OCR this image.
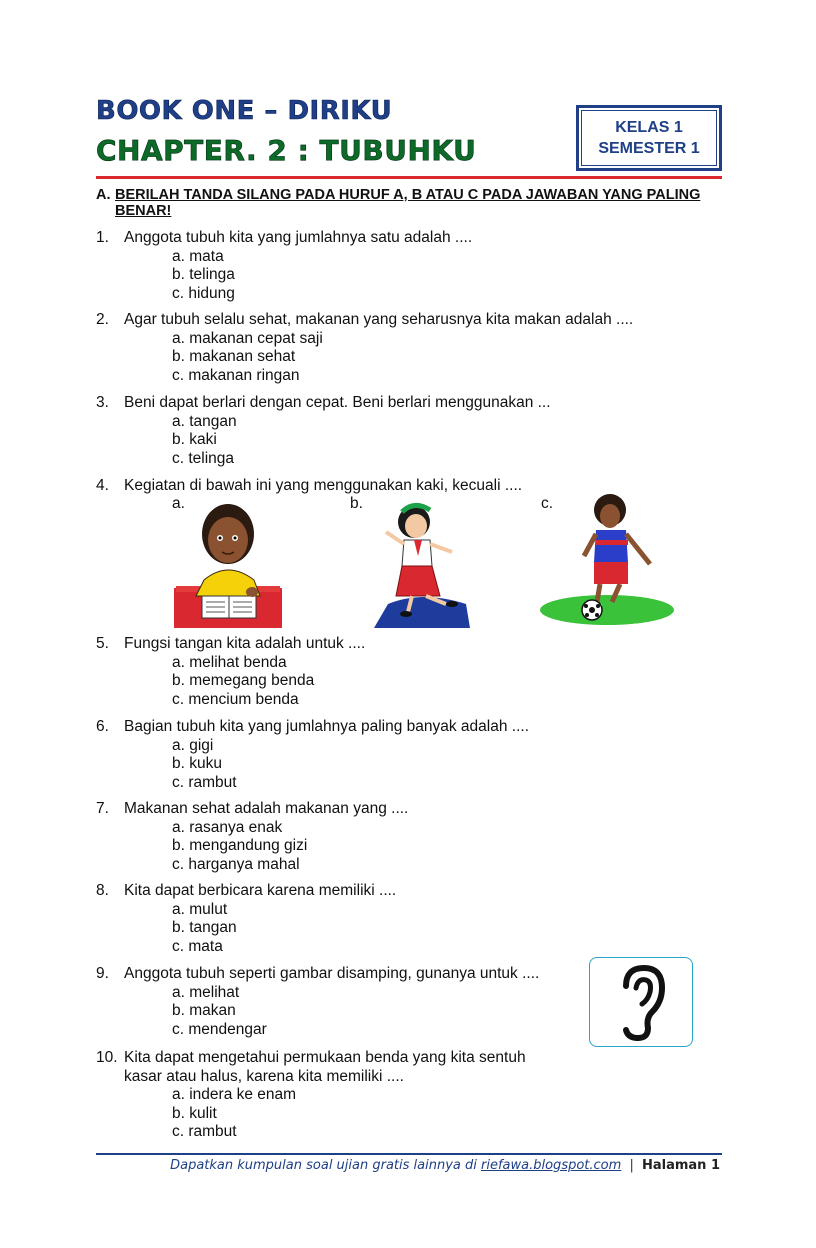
BOOK ONE – DIRIKU
CHAPTER. 2 : TUBUHKU
KELAS 1
SEMESTER 1
A. BERILAH TANDA SILANG PADA HURUF A, B ATAU C PADA JAWABAN YANG PALING BENAR!
1. Anggota tubuh kita yang jumlahnya satu adalah ....
a. mata
b. telinga
c. hidung
2. Agar tubuh selalu sehat, makanan yang seharusnya kita makan adalah ....
a. makanan cepat saji
b. makanan sehat
c. makanan ringan
3. Beni dapat berlari dengan cepat. Beni berlari menggunakan ...
a. tangan
b. kaki
c. telinga
4. Kegiatan di bawah ini yang menggunakan kaki, kecuali ....
a.	b.	c.
5. Fungsi tangan kita adalah untuk ....
a. melihat benda
b. memegang benda
c. mencium benda
6. Bagian tubuh kita yang jumlahnya paling banyak adalah ....
a. gigi
b. kuku
c. rambut
7. Makanan sehat adalah makanan yang ....
a. rasanya enak
b. mengandung gizi
c. harganya mahal
8. Kita dapat berbicara karena memiliki ....
a. mulut
b. tangan
c. mata
9. Anggota tubuh seperti gambar disamping, gunanya untuk ....
a. melihat
b. makan
c. mendengar
10. Kita dapat mengetahui permukaan benda yang kita sentuh
kasar atau halus, karena kita memiliki ....
a. indera ke enam
b. kulit
c. rambut
Dapatkan kumpulan soal ujian gratis lainnya di riefawa.blogspot.com | Halaman 1
